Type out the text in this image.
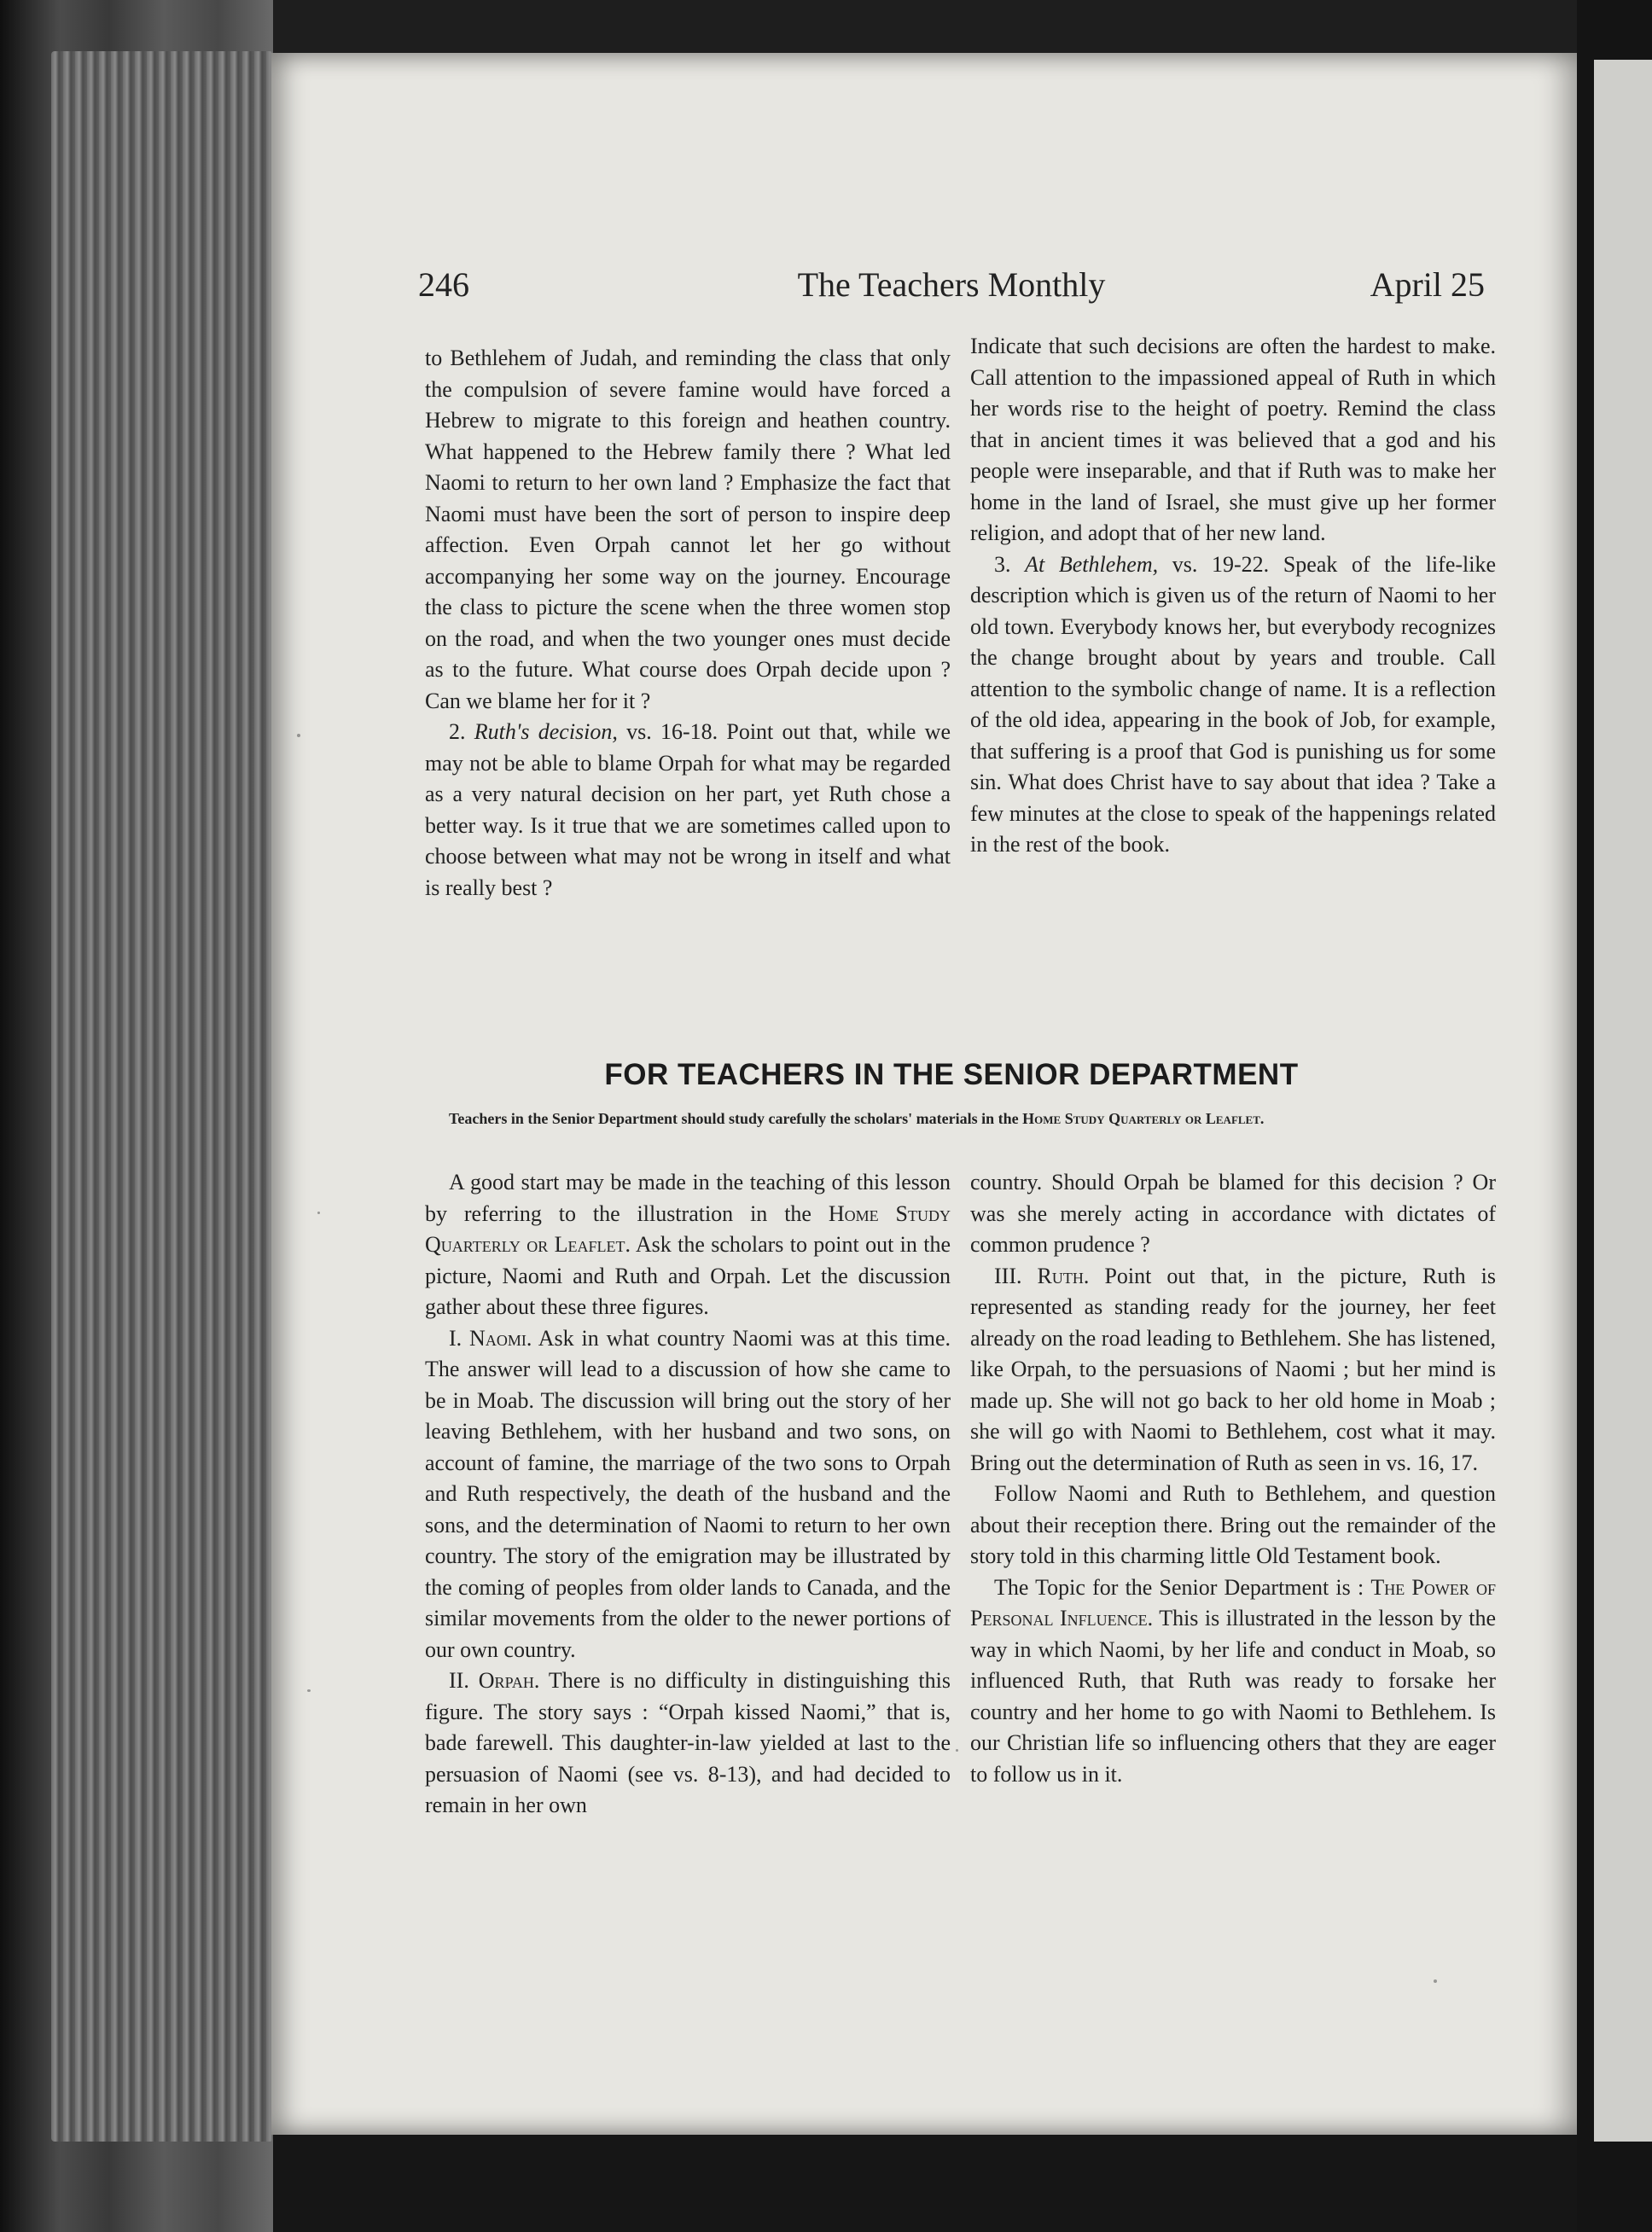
246	The Teachers Monthly	April 25

to Bethlehem of Judah, and reminding the class that only the compulsion of severe famine would have forced a Hebrew to migrate to this foreign and heathen country. What happened to the Hebrew family there ? What led Naomi to return to her own land ? Emphasize the fact that Naomi must have been the sort of person to inspire deep affection. Even Orpah cannot let her go without accompanying her some way on the journey. Encourage the class to picture the scene when the three women stop on the road, and when the two younger ones must decide as to the future. What course does Orpah decide upon ? Can we blame her for it ?

2. Ruth's decision, vs. 16-18. Point out that, while we may not be able to blame Orpah for what may be regarded as a very natural decision on her part, yet Ruth chose a better way. Is it true that we are sometimes called upon to choose between what may not be wrong in itself and what is really best ?

Indicate that such decisions are often the hardest to make. Call attention to the impassioned appeal of Ruth in which her words rise to the height of poetry. Remind the class that in ancient times it was believed that a god and his people were inseparable, and that if Ruth was to make her home in the land of Israel, she must give up her former religion, and adopt that of her new land.

3. At Bethlehem, vs. 19-22. Speak of the life-like description which is given us of the return of Naomi to her old town. Everybody knows her, but everybody recognizes the change brought about by years and trouble. Call attention to the symbolic change of name. It is a reflection of the old idea, appearing in the book of Job, for example, that suffering is a proof that God is punishing us for some sin. What does Christ have to say about that idea ? Take a few minutes at the close to speak of the happenings related in the rest of the book.

FOR TEACHERS IN THE SENIOR DEPARTMENT
Teachers in the Senior Department should study carefully the scholars' materials in the Home Study Quarterly or Leaflet.

A good start may be made in the teaching of this lesson by referring to the illustration in the Home Study Quarterly or Leaflet. Ask the scholars to point out in the picture, Naomi and Ruth and Orpah. Let the discussion gather about these three figures.

I. Naomi. Ask in what country Naomi was at this time. The answer will lead to a discussion of how she came to be in Moab. The discussion will bring out the story of her leaving Bethlehem, with her husband and two sons, on account of famine, the marriage of the two sons to Orpah and Ruth respectively, the death of the husband and the sons, and the determination of Naomi to return to her own country. The story of the emigration may be illustrated by the coming of peoples from older lands to Canada, and the similar movements from the older to the newer portions of our own country.

II. Orpah. There is no difficulty in distinguishing this figure. The story says : “Orpah kissed Naomi,” that is, bade farewell. This daughter-in-law yielded at last to the persuasion of Naomi (see vs. 8-13), and had decided to remain in her own

country. Should Orpah be blamed for this decision ? Or was she merely acting in accordance with dictates of common prudence ?

III. Ruth. Point out that, in the picture, Ruth is represented as standing ready for the journey, her feet already on the road leading to Bethlehem. She has listened, like Orpah, to the persuasions of Naomi ; but her mind is made up. She will not go back to her old home in Moab ; she will go with Naomi to Bethlehem, cost what it may. Bring out the determination of Ruth as seen in vs. 16, 17.

Follow Naomi and Ruth to Bethlehem, and question about their reception there. Bring out the remainder of the story told in this charming little Old Testament book.

The Topic for the Senior Department is : The Power of Personal Influence. This is illustrated in the lesson by the way in which Naomi, by her life and conduct in Moab, so influenced Ruth, that Ruth was ready to forsake her country and her home to go with Naomi to Bethlehem. Is our Christian life so influencing others that they are eager to follow us in it.
